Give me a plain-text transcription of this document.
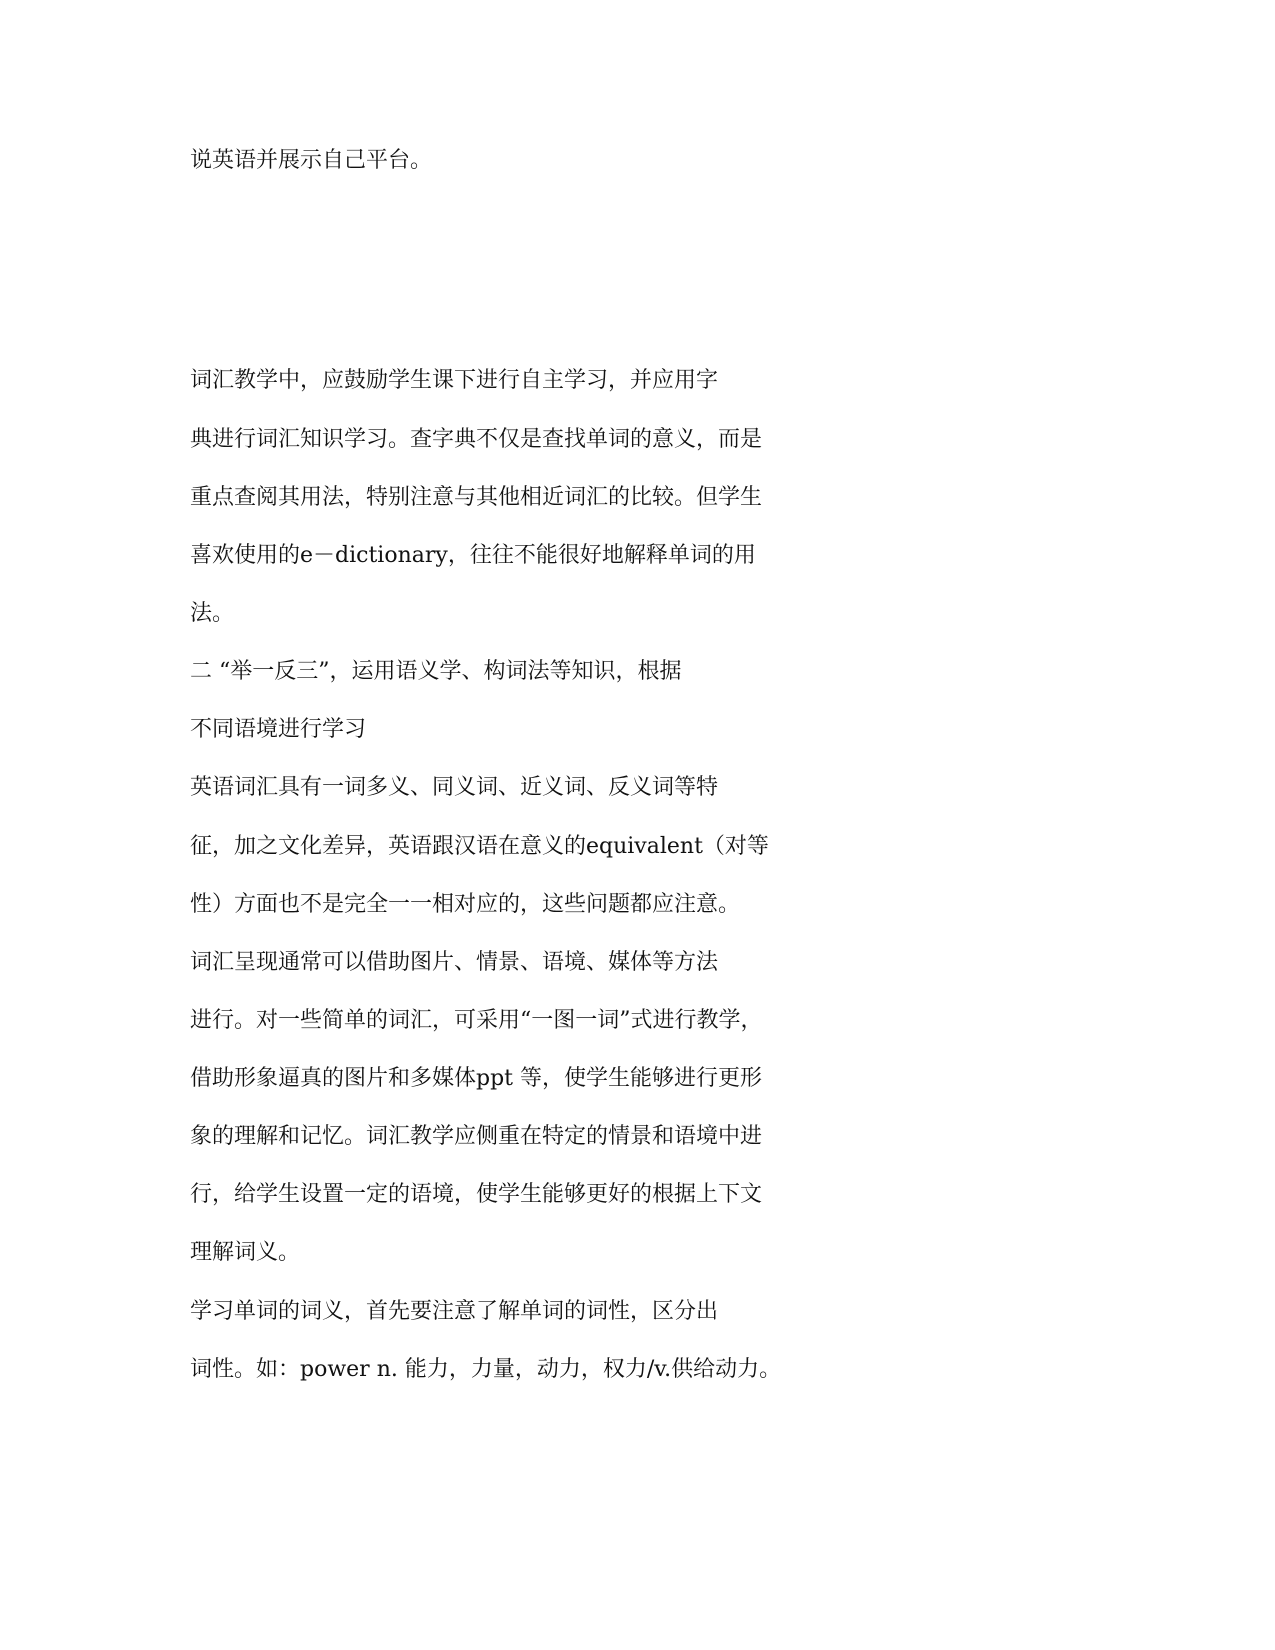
说英语并展示自己平台。

词汇教学中，应鼓励学生课下进行自主学习，并应用字

典进行词汇知识学习。查字典不仅是查找单词的意义，而是

重点查阅其用法，特别注意与其他相近词汇的比较。但学生

喜欢使用的e－dictionary，往往不能很好地解释单词的用

法。

二 “举一反三”，运用语义学、构词法等知识，根据

不同语境进行学习

英语词汇具有一词多义、同义词、近义词、反义词等特

征，加之文化差异，英语跟汉语在意义的equivalent（对等

性）方面也不是完全一一相对应的，这些问题都应注意。

词汇呈现通常可以借助图片、情景、语境、媒体等方法

进行。对一些简单的词汇，可采用“一图一词”式进行教学，

借助形象逼真的图片和多媒体ppt 等，使学生能够进行更形

象的理解和记忆。词汇教学应侧重在特定的情景和语境中进

行，给学生设置一定的语境，使学生能够更好的根据上下文

理解词义。

学习单词的词义，首先要注意了解单词的词性，区分出

词性。如：power n. 能力，力量，动力，权力/v.供给动力。
